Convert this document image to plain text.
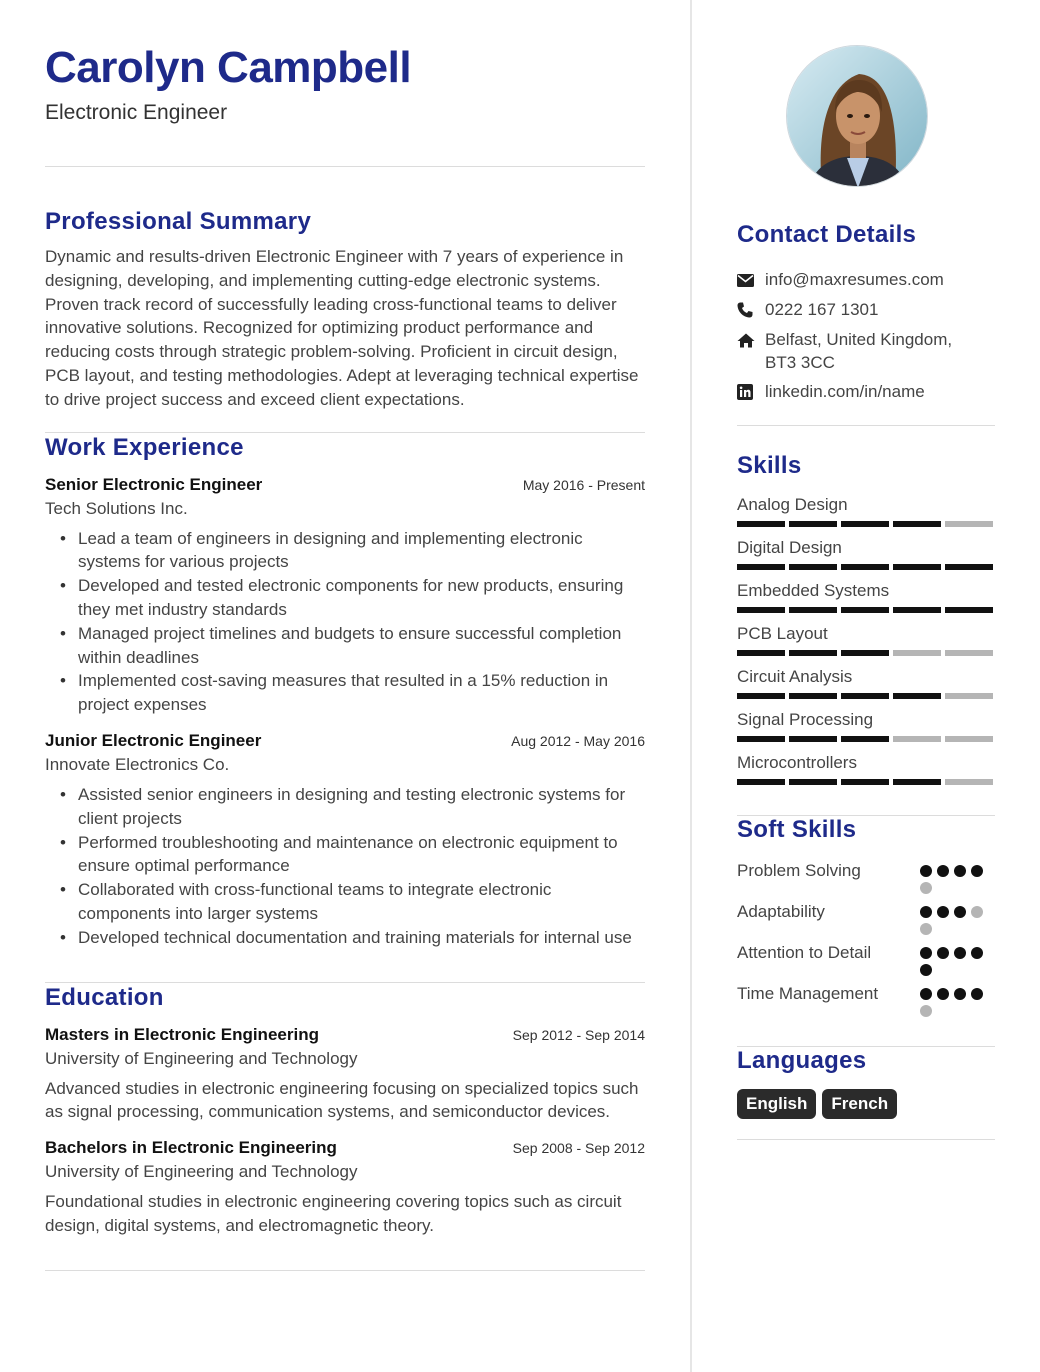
Carolyn Campbell
Electronic Engineer
Professional Summary
Dynamic and results-driven Electronic Engineer with 7 years of experience in designing, developing, and implementing cutting-edge electronic systems. Proven track record of successfully leading cross-functional teams to deliver innovative solutions. Recognized for optimizing product performance and reducing costs through strategic problem-solving. Proficient in circuit design, PCB layout, and testing methodologies. Adept at leveraging technical expertise to drive project success and exceed client expectations.
Work Experience
Senior Electronic Engineer	May 2016 - Present
Tech Solutions Inc.
• Lead a team of engineers in designing and implementing electronic systems for various projects
• Developed and tested electronic components for new products, ensuring they met industry standards
• Managed project timelines and budgets to ensure successful completion within deadlines
• Implemented cost-saving measures that resulted in a 15% reduction in project expenses
Junior Electronic Engineer	Aug 2012 - May 2016
Innovate Electronics Co.
• Assisted senior engineers in designing and testing electronic systems for client projects
• Performed troubleshooting and maintenance on electronic equipment to ensure optimal performance
• Collaborated with cross-functional teams to integrate electronic components into larger systems
• Developed technical documentation and training materials for internal use
Education
Masters in Electronic Engineering	Sep 2012 - Sep 2014
University of Engineering and Technology
Advanced studies in electronic engineering focusing on specialized topics such as signal processing, communication systems, and semiconductor devices.
Bachelors in Electronic Engineering	Sep 2008 - Sep 2012
University of Engineering and Technology
Foundational studies in electronic engineering covering topics such as circuit design, digital systems, and electromagnetic theory.
Contact Details
info@maxresumes.com
0222 167 1301
Belfast, United Kingdom,
BT3 3CC
linkedin.com/in/name
Skills
Analog Design
Digital Design
Embedded Systems
PCB Layout
Circuit Analysis
Signal Processing
Microcontrollers
Soft Skills
Problem Solving
Adaptability
Attention to Detail
Time Management
Languages
English	French
